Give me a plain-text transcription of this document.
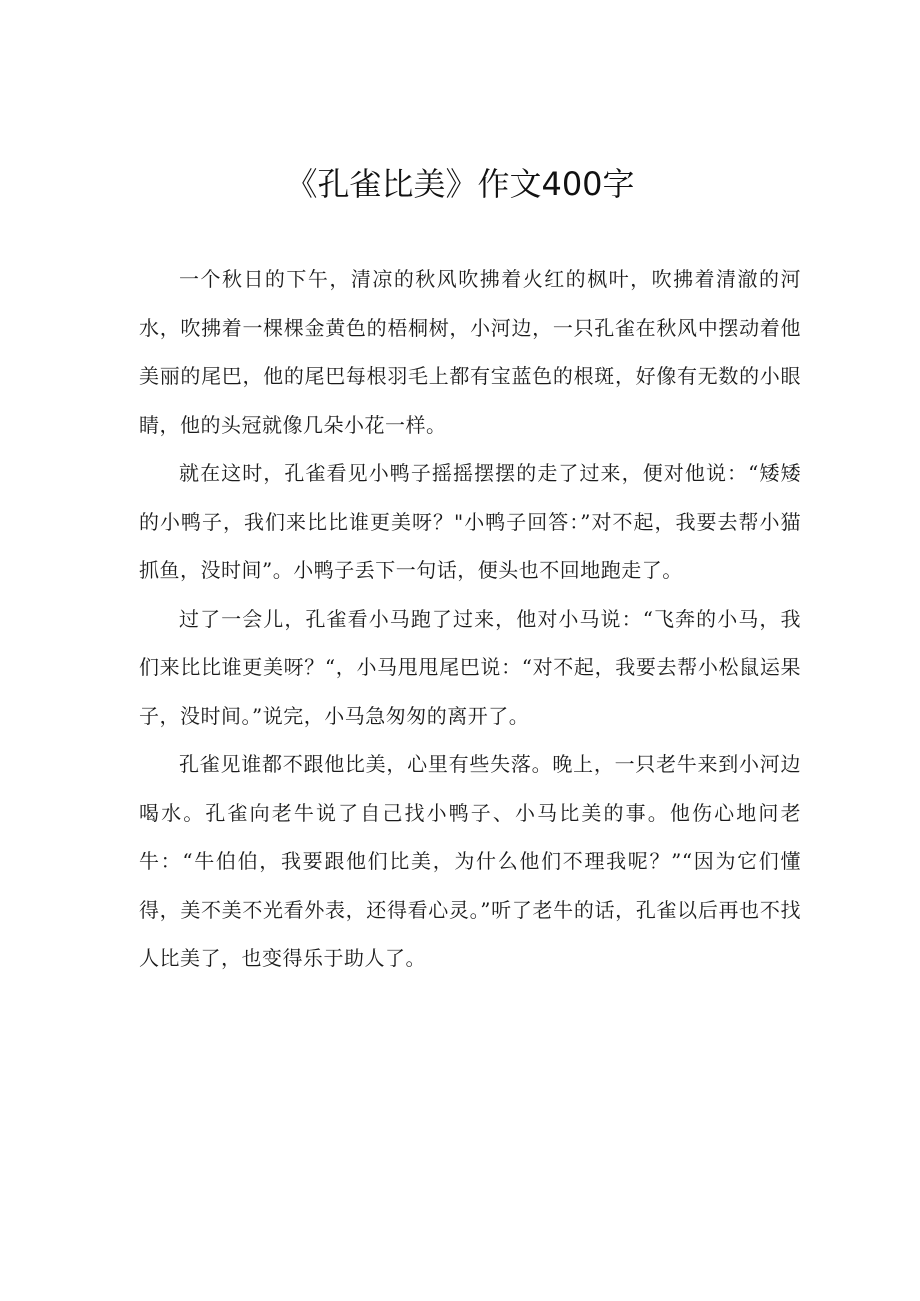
《孔雀比美》作文400字

一个秋日的下午，清凉的秋风吹拂着火红的枫叶，吹拂着清澈的河水，吹拂着一棵棵金黄色的梧桐树，小河边，一只孔雀在秋风中摆动着他美丽的尾巴，他的尾巴每根羽毛上都有宝蓝色的根斑，好像有无数的小眼睛，他的头冠就像几朵小花一样。

就在这时，孔雀看见小鸭子摇摇摆摆的走了过来，便对他说：“矮矮的小鸭子，我们来比比谁更美呀？"小鸭子回答：”对不起，我要去帮小猫抓鱼，没时间”。小鸭子丢下一句话，便头也不回地跑走了。

过了一会儿，孔雀看小马跑了过来，他对小马说：“飞奔的小马，我们来比比谁更美呀？“，小马甩甩尾巴说：“对不起，我要去帮小松鼠运果子，没时间。”说完，小马急匆匆的离开了。

孔雀见谁都不跟他比美，心里有些失落。晚上，一只老牛来到小河边喝水。孔雀向老牛说了自己找小鸭子、小马比美的事。他伤心地问老牛：“牛伯伯，我要跟他们比美，为什么他们不理我呢？”“因为它们懂得，美不美不光看外表，还得看心灵。”听了老牛的话，孔雀以后再也不找人比美了，也变得乐于助人了。
